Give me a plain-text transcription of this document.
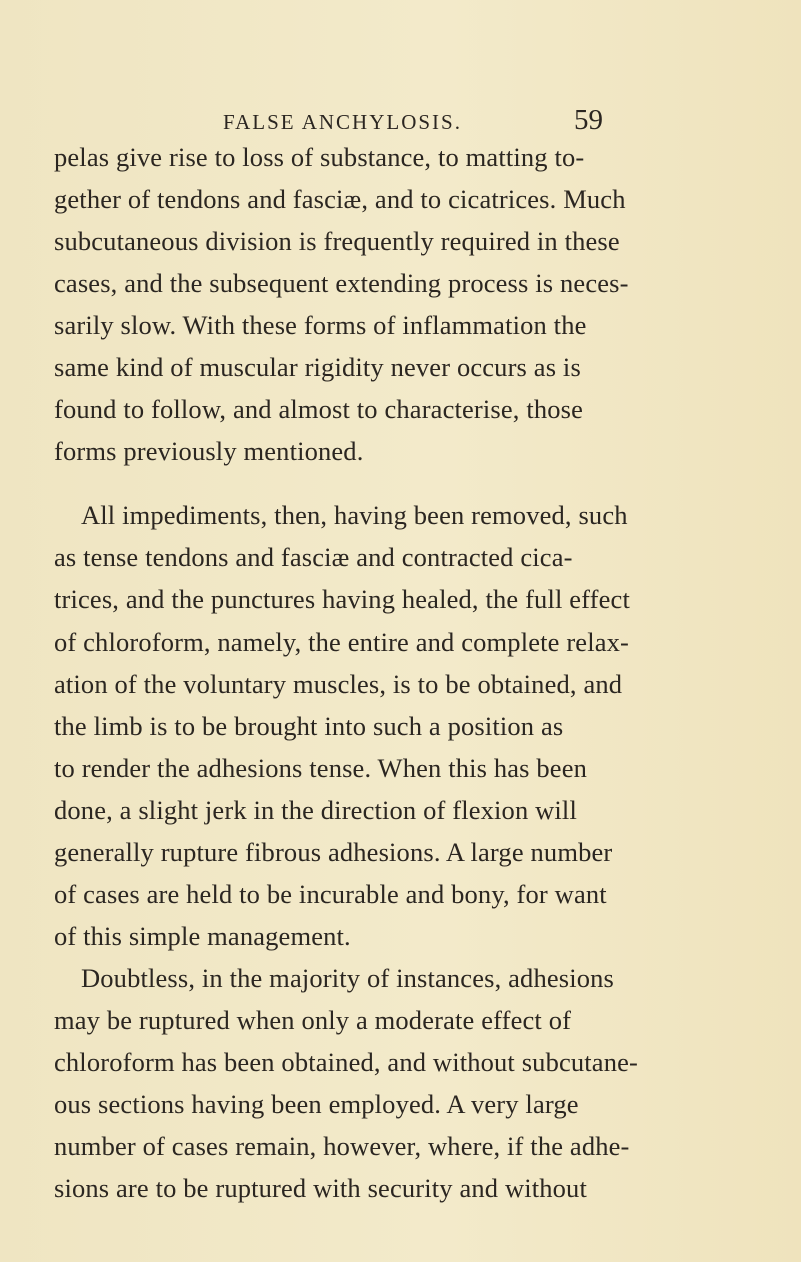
FALSE ANCHYLOSIS.	59
pelas give rise to loss of substance, to matting to-
gether of tendons and fasciæ, and to cicatrices. Much
subcutaneous division is frequently required in these
cases, and the subsequent extending process is neces-
sarily slow. With these forms of inflammation the
same kind of muscular rigidity never occurs as is
found to follow, and almost to characterise, those
forms previously mentioned.
All impediments, then, having been removed, such
as tense tendons and fasciæ and contracted cica-
trices, and the punctures having healed, the full effect
of chloroform, namely, the entire and complete relax-
ation of the voluntary muscles, is to be obtained, and
the limb is to be brought into such a position as
to render the adhesions tense. When this has been
done, a slight jerk in the direction of flexion will
generally rupture fibrous adhesions. A large number
of cases are held to be incurable and bony, for want
of this simple management.
Doubtless, in the majority of instances, adhesions
may be ruptured when only a moderate effect of
chloroform has been obtained, and without subcutane-
ous sections having been employed. A very large
number of cases remain, however, where, if the adhe-
sions are to be ruptured with security and without
